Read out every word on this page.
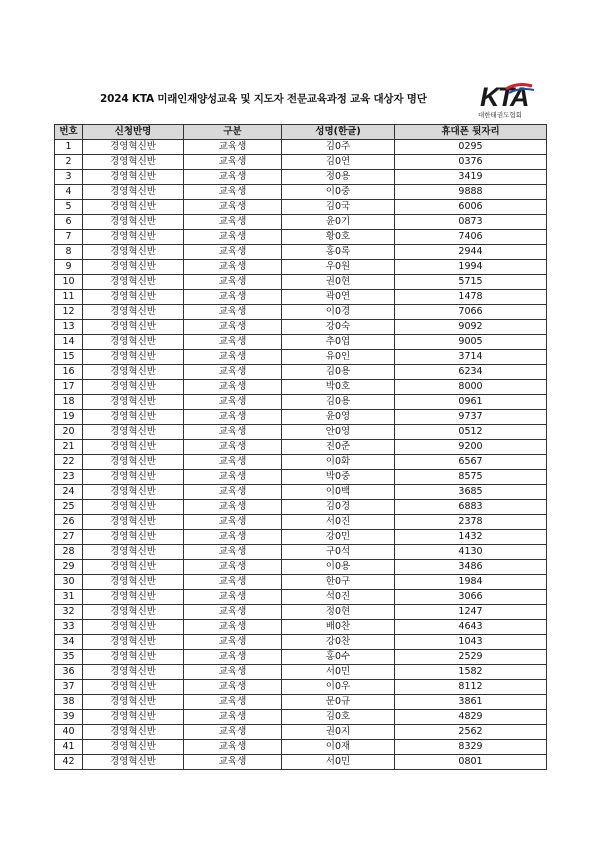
2024 KTA 미래인재양성교육 및 지도자 전문교육과정 교육 대상자 명단	KTA
대한태권도협회
번호	신청반명	구분	성명(한글)	휴대폰 뒷자리
1	경영혁신반	교육생	김0주	0295
2	경영혁신반	교육생	김0연	0376
3	경영혁신반	교육생	정0용	3419
4	경영혁신반	교육생	이0중	9888
5	경영혁신반	교육생	김0국	6006
6	경영혁신반	교육생	윤0기	0873
7	경영혁신반	교육생	황0호	7406
8	경영혁신반	교육생	홍0록	2944
9	경영혁신반	교육생	우0원	1994
10	경영혁신반	교육생	권0현	5715
11	경영혁신반	교육생	곽0연	1478
12	경영혁신반	교육생	이0경	7066
13	경영혁신반	교육생	강0숙	9092
14	경영혁신반	교육생	추0엽	9005
15	경영혁신반	교육생	유0인	3714
16	경영혁신반	교육생	김0용	6234
17	경영혁신반	교육생	박0호	8000
18	경영혁신반	교육생	김0용	0961
19	경영혁신반	교육생	윤0영	9737
20	경영혁신반	교육생	안0영	0512
21	경영혁신반	교육생	진0준	9200
22	경영혁신반	교육생	이0화	6567
23	경영혁신반	교육생	박0중	8575
24	경영혁신반	교육생	이0백	3685
25	경영혁신반	교육생	김0경	6883
26	경영혁신반	교육생	서0진	2378
27	경영혁신반	교육생	강0민	1432
28	경영혁신반	교육생	구0석	4130
29	경영혁신반	교육생	이0용	3486
30	경영혁신반	교육생	한0구	1984
31	경영혁신반	교육생	석0진	3066
32	경영혁신반	교육생	정0현	1247
33	경영혁신반	교육생	배0찬	4643
34	경영혁신반	교육생	강0찬	1043
35	경영혁신반	교육생	홍0수	2529
36	경영혁신반	교육생	서0민	1582
37	경영혁신반	교육생	이0우	8112
38	경영혁신반	교육생	문0규	3861
39	경영혁신반	교육생	김0호	4829
40	경영혁신반	교육생	권0지	2562
41	경영혁신반	교육생	이0재	8329
42	경영혁신반	교육생	서0민	0801
